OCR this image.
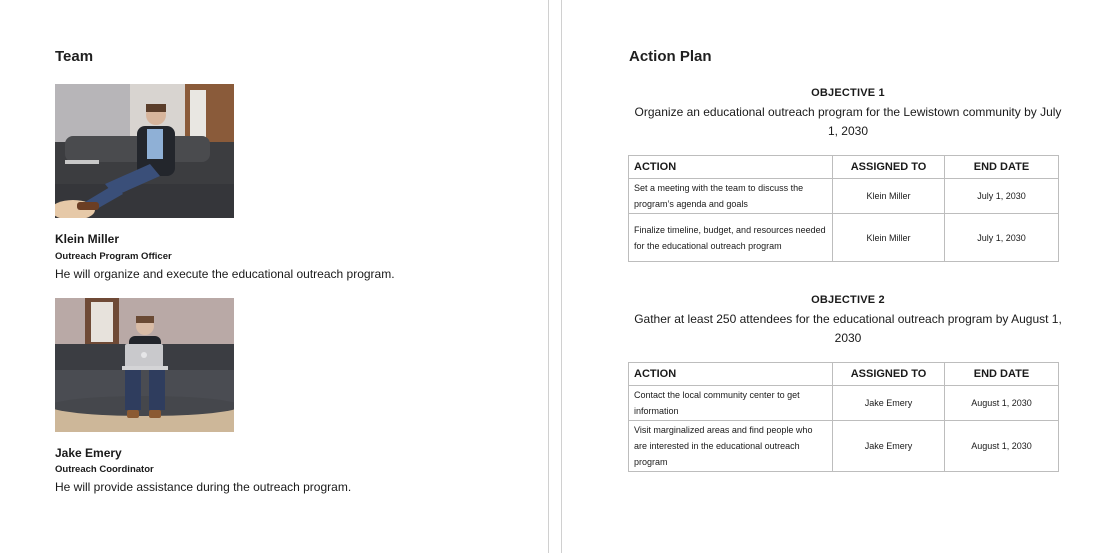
Team
Klein Miller
Outreach Program Officer
He will organize and execute the educational outreach program.
Jake Emery
Outreach Coordinator
He will provide assistance during the outreach program.
Action Plan
OBJECTIVE 1
Organize an educational outreach program for the Lewistown community by July 1, 2030
ACTION	ASSIGNED TO	END DATE
Set a meeting with the team to discuss the program’s agenda and goals	Klein Miller	July 1, 2030
Finalize timeline, budget, and resources needed for the educational outreach program	Klein Miller	July 1, 2030
OBJECTIVE 2
Gather at least 250 attendees for the educational outreach program by August 1, 2030
ACTION	ASSIGNED TO	END DATE
Contact the local community center to get information	Jake Emery	August 1, 2030
Visit marginalized areas and find people who are interested in the educational outreach program	Jake Emery	August 1, 2030
